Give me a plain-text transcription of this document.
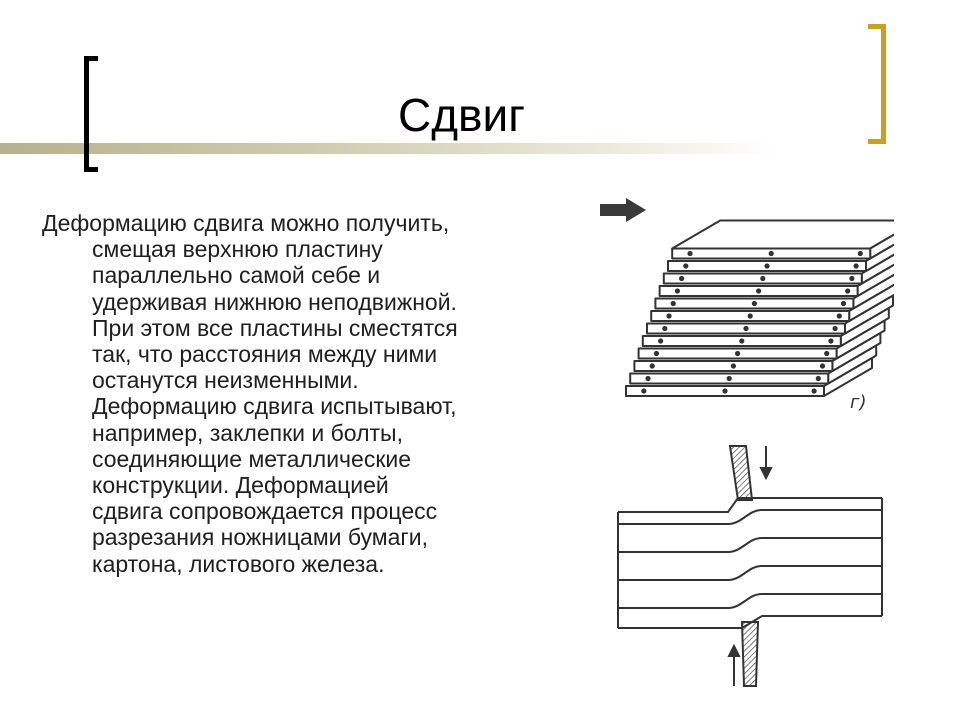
Сдвиг
Деформацию сдвига можно получить,
смещая верхнюю пластину
параллельно самой себе и
удерживая нижнюю неподвижной.
При этом все пластины сместятся
так, что расстояния между ними
останутся неизменными.
Деформацию сдвига испытывают,
например, заклепки и болты,
соединяющие металлические
конструкции. Деформацией
сдвига сопровождается процесс
разрезания ножницами бумаги,
картона, листового железа.
г)
